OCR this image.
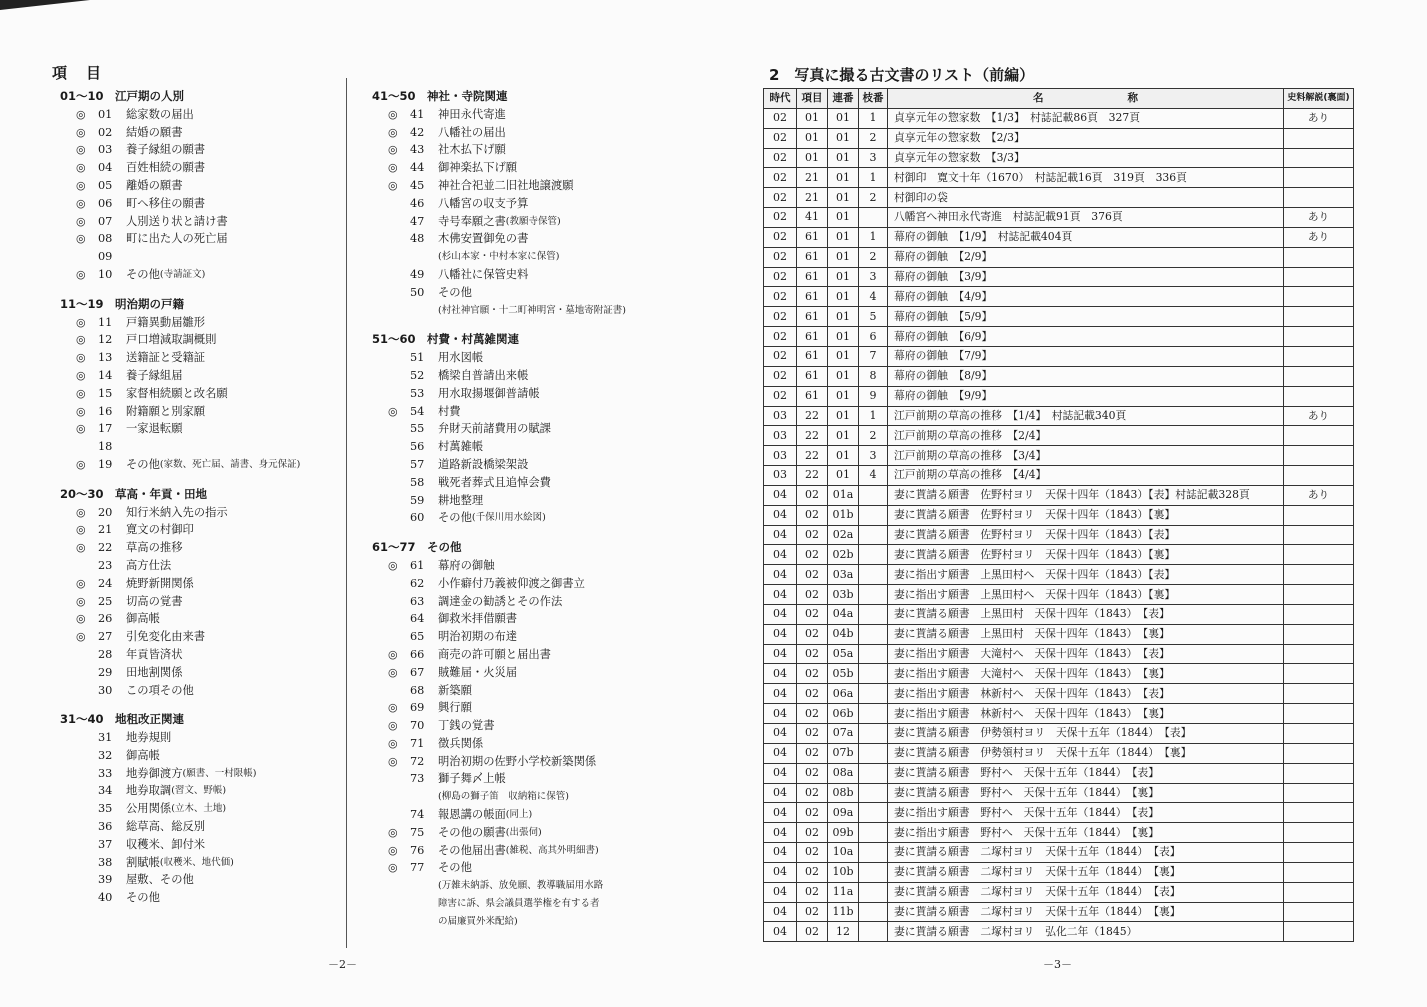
項　目
01～10　江戸期の人別
◎	01	総家数の届出
◎	02	結婚の願書
◎	03	養子縁組の願書
◎	04	百姓相続の願書
◎	05	離婚の願書
◎	06	町へ移住の願書
◎	07	人別送り状と請け書
◎	08	町に出た人の死亡届
09
◎	10	その他 (寺請証文)
11～19　明治期の戸籍
◎	11	戸籍異動届雛形
◎	12	戸口増減取調概則
◎	13	送籍証と受籍証
◎	14	養子縁組届
◎	15	家督相続願と改名願
◎	16	附籍願と別家願
◎	17	一家退転願
18
◎	19	その他 (家数、死亡届、請書、身元保証)
20～30　草高・年貢・田地
◎	20	知行米納入先の指示
◎	21	寛文の村御印
◎	22	草高の推移
23	高方仕法
◎	24	焼野新開関係
◎	25	切高の覚書
◎	26	御高帳
◎	27	引免変化由来書
28	年貢皆済状
29	田地割関係
30	この項その他
31～40　地租改正関連
31	地券規則
32	御高帳
33	地券御渡方 (願書、一村限帳)
34	地券取調 (習文、野帳)
35	公用関係 (立木、土地)
36	総草高、総反別
37	収穫米、卸付米
38	割賦帳 (収穫米、地代価)
39	屋敷、その他
40	その他
41～50　神社・寺院関連
◎	41	神田永代寄進
◎	42	八幡社の届出
◎	43	社木払下げ願
◎	44	御神楽払下げ願
◎	45	神社合祀並二旧社地譲渡願
46	八幡宮の収支予算
47	寺号奉願之書 (教願寺保管)
48	木佛安置御免の書
(杉山本家・中村本家に保管)
49	八幡社に保管史料
50	その他
(村社神官願・十二町神明宮・墓地寄附証書)
51～60　村費・村萬雑関連
51	用水図帳
52	橋梁自普請出来帳
53	用水取揚堰御普請帳
◎	54	村費
55	弁財天前諸費用の賦課
56	村萬雑帳
57	道路新設橋梁架設
58	戦死者葬式且追悼会費
59	耕地整理
60	その他 (千保川用水絵図)
61～77　その他
◎	61	幕府の御触
62	小作癖付乃義被仰渡之御書立
63	調達金の勧誘とその作法
64	御救米拝借願書
65	明治初期の布達
◎	66	商売の許可願と届出書
◎	67	賊難届・火災届
68	新築願
◎	69	興行願
◎	70	丁銭の覚書
◎	71	徴兵関係
◎	72	明治初期の佐野小学校新築関係
73	獅子舞〆上帳
(柳島の獅子笛　収納箱に保管)
74	報恩講の帳面 (同上)
◎	75	その他の願書 (出張伺)
◎	76	その他届出書 (雑税、高其外明細書)
◎	77	その他
(万雑未納訴、放免願、教導職届用水路
障害に訴、県会議員選挙権を有する者
の届廉買外米配給)
－2－
2　写真に撮る古文書のリスト（前編）
時代	項目	連番	枝番	名　　　　　　　　称	史料解説(裏面)
02	01	01	1	貞享元年の惣家数　【1/3】　村誌記載86頁　327頁	あり
02	01	01	2	貞享元年の惣家数　【2/3】	
02	01	01	3	貞享元年の惣家数　【3/3】	
02	21	01	1	村御印　寛文十年（1670）　村誌記載16頁　319頁　336頁	
02	21	01	2	村御印の袋	
02	41	01		八幡宮へ神田永代寄進　村誌記載91頁　376頁	あり
02	61	01	1	幕府の御触　【1/9】　村誌記載404頁	あり
02	61	01	2	幕府の御触　【2/9】	
02	61	01	3	幕府の御触　【3/9】	
02	61	01	4	幕府の御触　【4/9】	
02	61	01	5	幕府の御触　【5/9】	
02	61	01	6	幕府の御触　【6/9】	
02	61	01	7	幕府の御触　【7/9】	
02	61	01	8	幕府の御触　【8/9】	
02	61	01	9	幕府の御触　【9/9】	
03	22	01	1	江戸前期の草高の推移　【1/4】　村誌記載340頁	あり
03	22	01	2	江戸前期の草高の推移　【2/4】	
03	22	01	3	江戸前期の草高の推移　【3/4】	
03	22	01	4	江戸前期の草高の推移　【4/4】	
04	02	01a		妻に貰請る願書　佐野村ヨリ　天保十四年（1843）【表】村誌記載328頁	あり
04	02	01b		妻に貰請る願書　佐野村ヨリ　天保十四年（1843）【裏】	
04	02	02a		妻に貰請る願書　佐野村ヨリ　天保十四年（1843）【表】	
04	02	02b		妻に貰請る願書　佐野村ヨリ　天保十四年（1843）【裏】	
04	02	03a		妻に指出す願書　上黒田村へ　天保十四年（1843）【表】	
04	02	03b		妻に指出す願書　上黒田村へ　天保十四年（1843）【裏】	
04	02	04a		妻に貰請る願書　上黒田村　天保十四年（1843）　【表】	
04	02	04b		妻に貰請る願書　上黒田村　天保十四年（1843）　【裏】	
04	02	05a		妻に指出す願書　大滝村へ　天保十四年（1843）　【表】	
04	02	05b		妻に指出す願書　大滝村へ　天保十四年（1843）　【裏】	
04	02	06a		妻に指出す願書　林新村へ　天保十四年（1843）　【表】	
04	02	06b		妻に指出す願書　林新村へ　天保十四年（1843）　【裏】	
04	02	07a		妻に貰請る願書　伊勢領村ヨリ　天保十五年（1844）　【表】	
04	02	07b		妻に貰請る願書　伊勢領村ヨリ　天保十五年（1844）　【裏】	
04	02	08a		妻に貰請る願書　野村へ　天保十五年（1844）　【表】	
04	02	08b		妻に貰請る願書　野村へ　天保十五年（1844）　【裏】	
04	02	09a		妻に指出す願書　野村へ　天保十五年（1844）　【表】	
04	02	09b		妻に指出す願書　野村へ　天保十五年（1844）　【裏】	
04	02	10a		妻に貰請る願書　二塚村ヨリ　天保十五年（1844）　【表】	
04	02	10b		妻に貰請る願書　二塚村ヨリ　天保十五年（1844）　【裏】	
04	02	11a		妻に貰請る願書　二塚村ヨリ　天保十五年（1844）　【表】	
04	02	11b		妻に貰請る願書　二塚村ヨリ　天保十五年（1844）　【裏】	
04	02	12		妻に貰請る願書　二塚村ヨリ　弘化二年（1845）	
－3－
